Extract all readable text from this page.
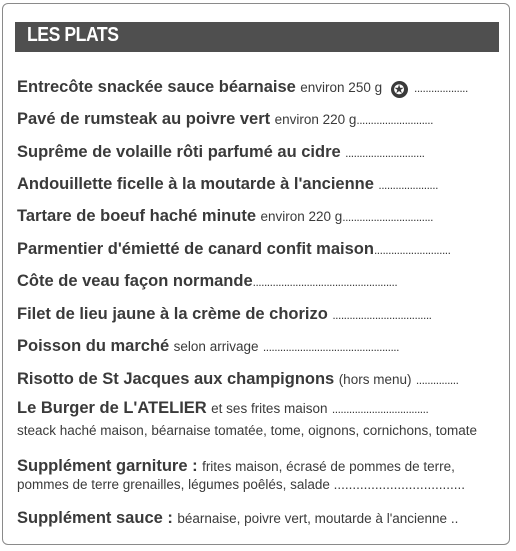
LES PLATS
Entrecôte snackée sauce béarnaise environ 250 g ✪ ...................
Pavé de rumsteak au poivre vert environ 220 g...........................
Suprême de volaille rôti parfumé au cidre ............................
Andouillette ficelle à la moutarde à l'ancienne .....................
Tartare de boeuf haché minute environ 220 g................................
Parmentier d'émietté de canard confit maison...........................
Côte de veau façon normande...................................................
Filet de lieu jaune à la crème de chorizo ...................................
Poisson du marché selon arrivage ................................................
Risotto de St Jacques aux champignons (hors menu) ...............
Le Burger de L'ATELIER et ses frites maison ..................................
steack haché maison, béarnaise tomatée, tome, oignons, cornichons, tomate
Supplément garniture : frites maison, écrasé de pommes de terre,
pommes de terre grenailles, légumes poêlés, salade ...................................
Supplément sauce : béarnaise, poivre vert, moutarde à l'ancienne ..
